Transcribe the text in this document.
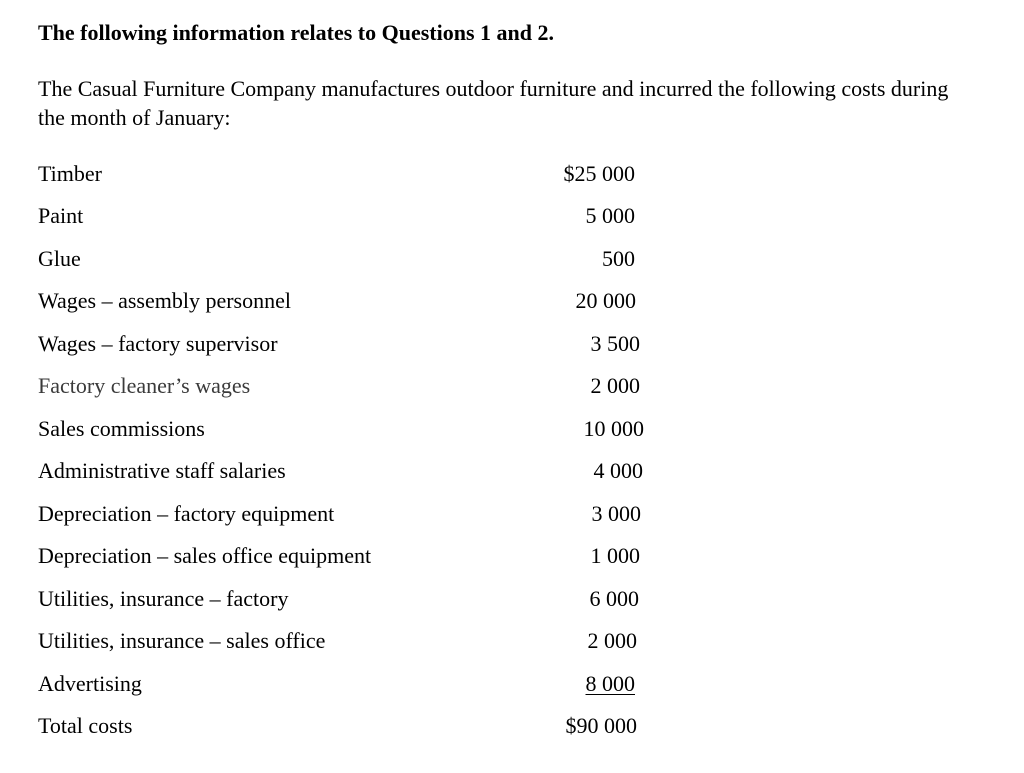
The following information relates to Questions 1 and 2.
The Casual Furniture Company manufactures outdoor furniture and incurred the following costs during the month of January:
Timber	$25 000
Paint	5 000
Glue	500
Wages – assembly personnel	20 000
Wages – factory supervisor	3 500
Factory cleaner’s wages	2 000
Sales commissions	10 000
Administrative staff salaries	4 000
Depreciation – factory equipment	3 000
Depreciation – sales office equipment	1 000
Utilities, insurance – factory	6 000
Utilities, insurance – sales office	2 000
Advertising	8 000
Total costs	$90 000
